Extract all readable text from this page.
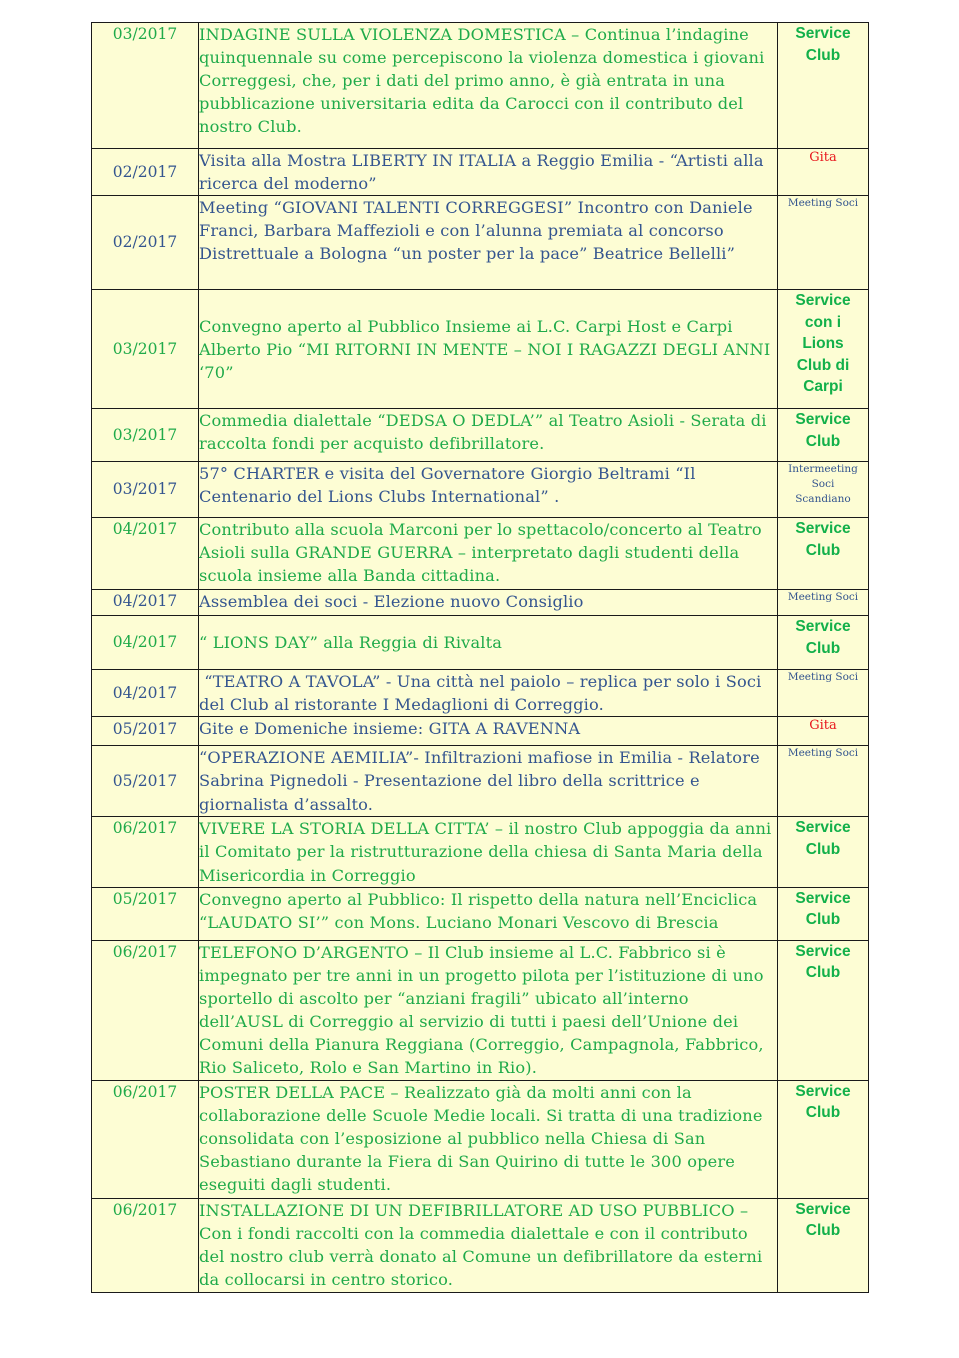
03/2017	INDAGINE SULLA VIOLENZA DOMESTICA – Continua l’indagine quinquennale su come percepiscono la violenza domestica i giovani Correggesi, che, per i dati del primo anno, è già entrata in una pubblicazione universitaria edita da Carocci con il contributo del nostro Club.	Service Club
02/2017	Visita alla Mostra LIBERTY IN ITALIA a Reggio Emilia - “Artisti alla ricerca del moderno”	Gita
02/2017	Meeting “GIOVANI TALENTI CORREGGESI” Incontro con Daniele Franci, Barbara Maffezioli e con l’alunna premiata al concorso Distrettuale a Bologna “un poster per la pace” Beatrice Bellelli”	Meeting Soci
03/2017	Convegno aperto al Pubblico Insieme ai L.C. Carpi Host e Carpi Alberto Pio “MI RITORNI IN MENTE – NOI I RAGAZZI DEGLI ANNI ‘70”	Service con i Lions Club di Carpi
03/2017	Commedia dialettale “DEDSA O DEDLA’” al Teatro Asioli - Serata di raccolta fondi per acquisto defibrillatore.	Service Club
03/2017	57° CHARTER e visita del Governatore Giorgio Beltrami “Il Centenario del Lions Clubs International” .	Intermeeting Soci Scandiano
04/2017	Contributo alla scuola Marconi per lo spettacolo/concerto al Teatro Asioli sulla GRANDE GUERRA – interpretato dagli studenti della scuola insieme alla Banda cittadina.	Service Club
04/2017	Assemblea dei soci - Elezione nuovo Consiglio	Meeting Soci
04/2017	“ LIONS DAY” alla Reggia di Rivalta	Service Club
04/2017	“TEATRO A TAVOLA” - Una città nel paiolo – replica per solo i Soci del Club al ristorante I Medaglioni di Correggio.	Meeting Soci
05/2017	Gite e Domeniche insieme: GITA A RAVENNA	Gita
05/2017	“OPERAZIONE AEMILIA”- Infiltrazioni mafiose in Emilia - Relatore Sabrina Pignedoli - Presentazione del libro della scrittrice e giornalista d’assalto.	Meeting Soci
06/2017	VIVERE LA STORIA DELLA CITTA’ – il nostro Club appoggia da anni il Comitato per la ristrutturazione della chiesa di Santa Maria della Misericordia in Correggio	Service Club
05/2017	Convegno aperto al Pubblico: Il rispetto della natura nell’Enciclica “LAUDATO SI’” con Mons. Luciano Monari Vescovo di Brescia	Service Club
06/2017	TELEFONO D’ARGENTO – Il Club insieme al L.C. Fabbrico si è impegnato per tre anni in un progetto pilota per l’istituzione di uno sportello di ascolto per “anziani fragili” ubicato all’interno dell’AUSL di Correggio al servizio di tutti i paesi dell’Unione dei Comuni della Pianura Reggiana (Correggio, Campagnola, Fabbrico, Rio Saliceto, Rolo e San Martino in Rio).	Service Club
06/2017	POSTER DELLA PACE – Realizzato già da molti anni con la collaborazione delle Scuole Medie locali. Si tratta di una tradizione consolidata con l’esposizione al pubblico nella Chiesa di San Sebastiano durante la Fiera di San Quirino di tutte le 300 opere eseguiti dagli studenti.	Service Club
06/2017	INSTALLAZIONE DI UN DEFIBRILLATORE AD USO PUBBLICO – Con i fondi raccolti con la commedia dialettale e con il contributo del nostro club verrà donato al Comune un defibrillatore da esterni da collocarsi in centro storico.	Service Club
